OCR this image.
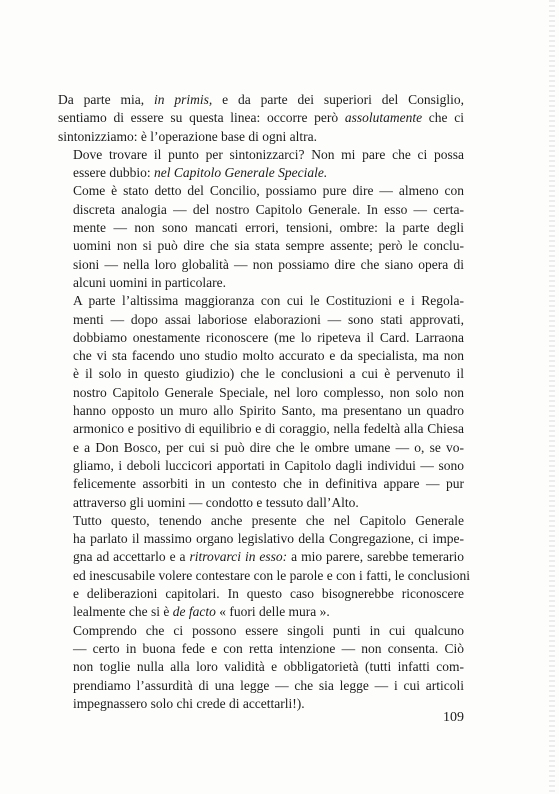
Da parte mia, in primis, e da parte dei superiori del Consiglio,
sentiamo di essere su questa linea: occorre però assolutamente che ci
sintonizziamo: è l’operazione base di ogni altra.

Dove trovare il punto per sintonizzarci? Non mi pare che ci possa
essere dubbio: nel Capitolo Generale Speciale.

Come è stato detto del Concilio, possiamo pure dire — almeno con
discreta analogia — del nostro Capitolo Generale. In esso — certa-
mente — non sono mancati errori, tensioni, ombre: la parte degli
uomini non si può dire che sia stata sempre assente; però le conclu-
sioni — nella loro globalità — non possiamo dire che siano opera di
alcuni uomini in particolare.

A parte l’altissima maggioranza con cui le Costituzioni e i Regola-
menti — dopo assai laboriose elaborazioni — sono stati approvati,
dobbiamo onestamente riconoscere (me lo ripeteva il Card. Larraona
che vi sta facendo uno studio molto accurato e da specialista, ma non
è il solo in questo giudizio) che le conclusioni a cui è pervenuto il
nostro Capitolo Generale Speciale, nel loro complesso, non solo non
hanno opposto un muro allo Spirito Santo, ma presentano un quadro
armonico e positivo di equilibrio e di coraggio, nella fedeltà alla Chiesa
e a Don Bosco, per cui si può dire che le ombre umane — o, se vo-
gliamo, i deboli luccicori apportati in Capitolo dagli individui — sono
felicemente assorbiti in un contesto che in definitiva appare — pur
attraverso gli uomini — condotto e tessuto dall’Alto.

Tutto questo, tenendo anche presente che nel Capitolo Generale
ha parlato il massimo organo legislativo della Congregazione, ci impe-
gna ad accettarlo e a ritrovarci in esso: a mio parere, sarebbe temerario
ed inescusabile volere contestare con le parole e con i fatti, le conclusioni
e deliberazioni capitolari. In questo caso bisognerebbe riconoscere
lealmente che si è de facto « fuori delle mura ».

Comprendo che ci possono essere singoli punti in cui qualcuno
— certo in buona fede e con retta intenzione — non consenta. Ciò
non toglie nulla alla loro validità e obbligatorietà (tutti infatti com-
prendiamo l’assurdità di una legge — che sia legge — i cui articoli
impegnassero solo chi crede di accettarli!).

109
